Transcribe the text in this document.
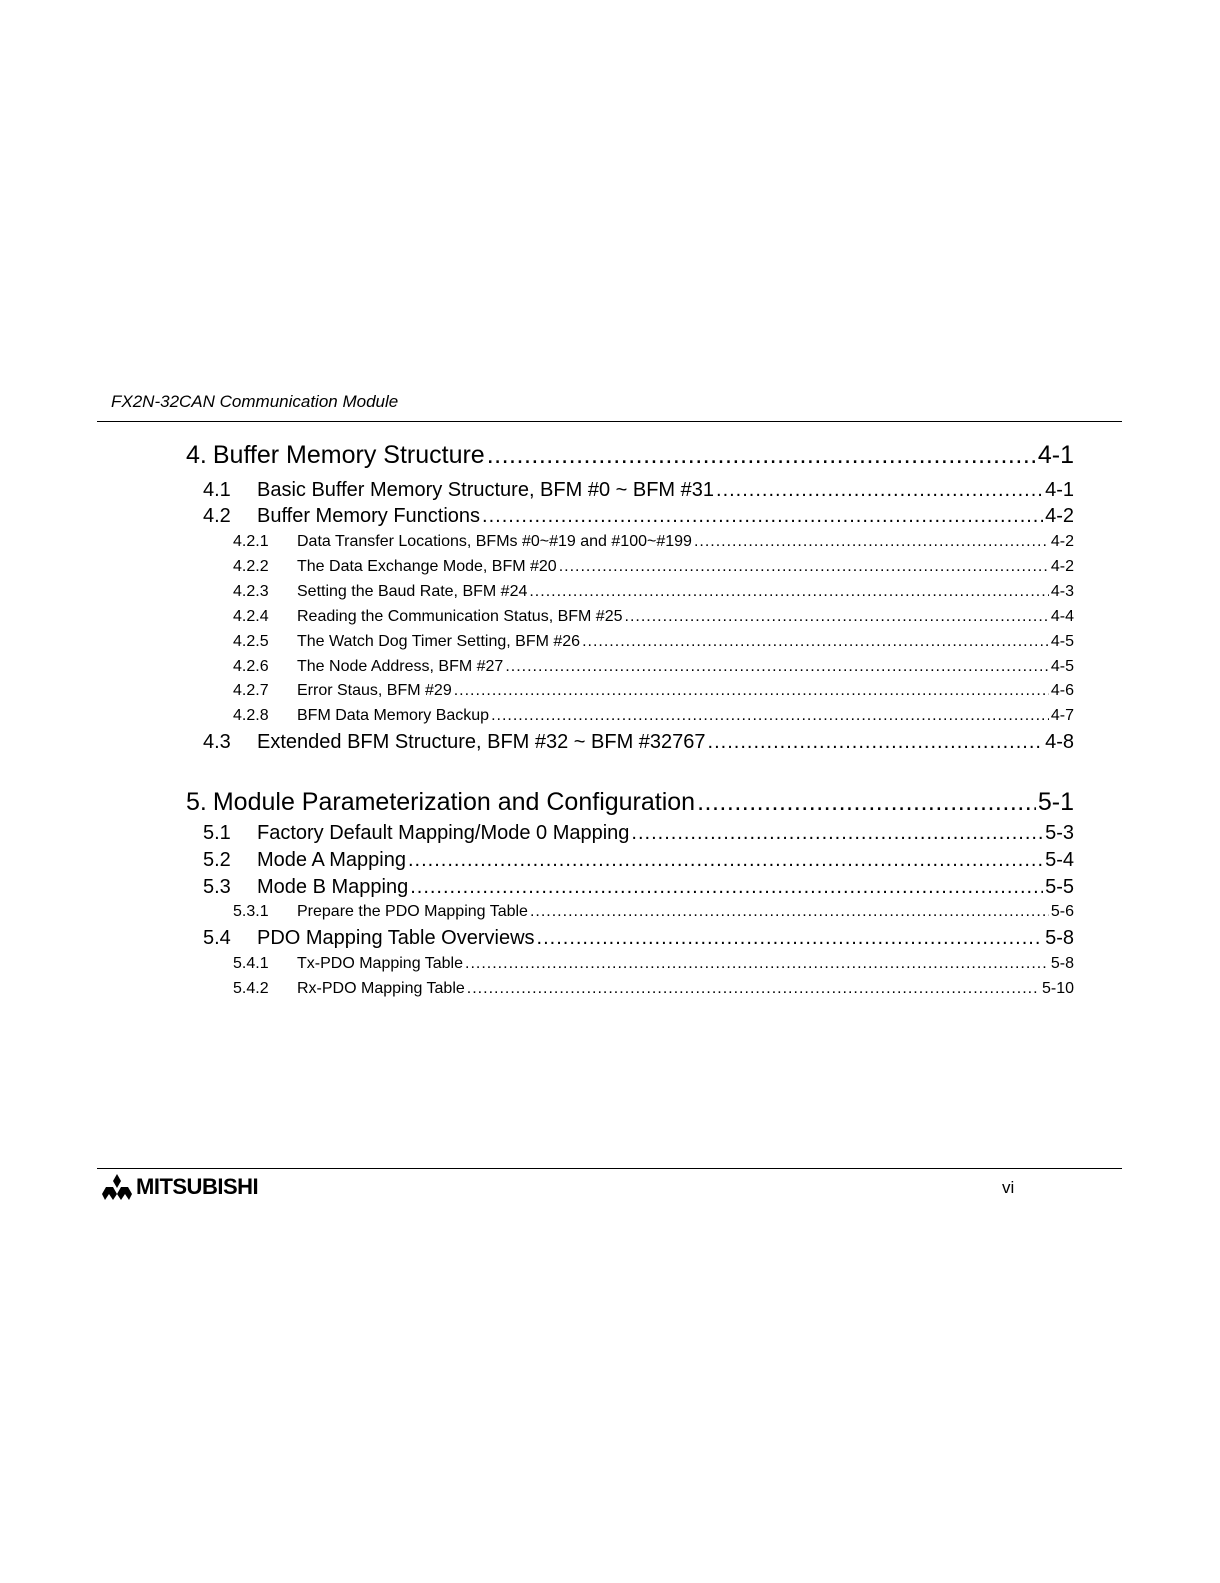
FX2N-32CAN Communication Module
4. Buffer Memory Structure .....	4-1
4.1	Basic Buffer Memory Structure, BFM #0 ~ BFM #31 .....	4-1
4.2	Buffer Memory Functions .....	4-2
4.2.1	Data Transfer Locations, BFMs #0~#19 and #100~#199 .....	4-2
4.2.2	The Data Exchange Mode, BFM #20 .....	4-2
4.2.3	Setting the Baud Rate, BFM #24 .....	4-3
4.2.4	Reading the Communication Status, BFM #25 .....	4-4
4.2.5	The Watch Dog Timer Setting, BFM #26 .....	4-5
4.2.6	The Node Address, BFM #27 .....	4-5
4.2.7	Error Staus, BFM #29 .....	4-6
4.2.8	BFM Data Memory Backup .....	4-7
4.3	Extended BFM Structure, BFM #32 ~ BFM #32767 .....	4-8
5. Module Parameterization and Configuration .....	5-1
5.1	Factory Default Mapping/Mode 0 Mapping .....	5-3
5.2	Mode A Mapping .....	5-4
5.3	Mode B Mapping .....	5-5
5.3.1	Prepare the PDO Mapping Table .....	5-6
5.4	PDO Mapping Table Overviews .....	5-8
5.4.1	Tx-PDO Mapping Table .....	5-8
5.4.2	Rx-PDO Mapping Table .....	5-10
MITSUBISHI	vi
